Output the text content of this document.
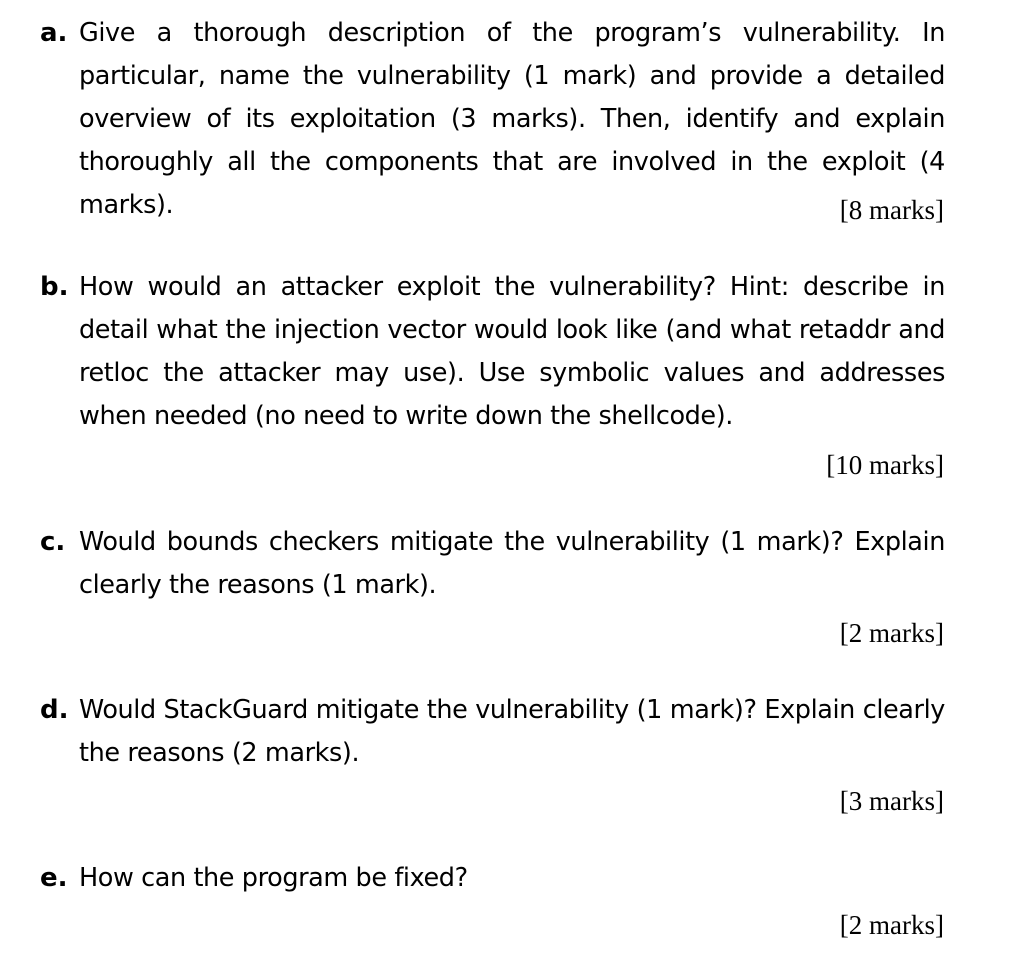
a. Give a thorough description of the program’s vulnerability. In particular, name the vulnerability (1 mark) and provide a detailed overview of its exploitation (3 marks). Then, identify and explain thoroughly all the components that are involved in the exploit (4 marks).	[8 marks]
b. How would an attacker exploit the vulnerability? Hint: describe in detail what the injection vector would look like (and what retaddr and retloc the attacker may use). Use symbolic values and addresses when needed (no need to write down the shellcode).
[10 marks]
c. Would bounds checkers mitigate the vulnerability (1 mark)? Explain clearly the reasons (1 mark).
[2 marks]
d. Would StackGuard mitigate the vulnerability (1 mark)? Explain clearly the reasons (2 marks).
[3 marks]
e. How can the program be fixed?
[2 marks]
